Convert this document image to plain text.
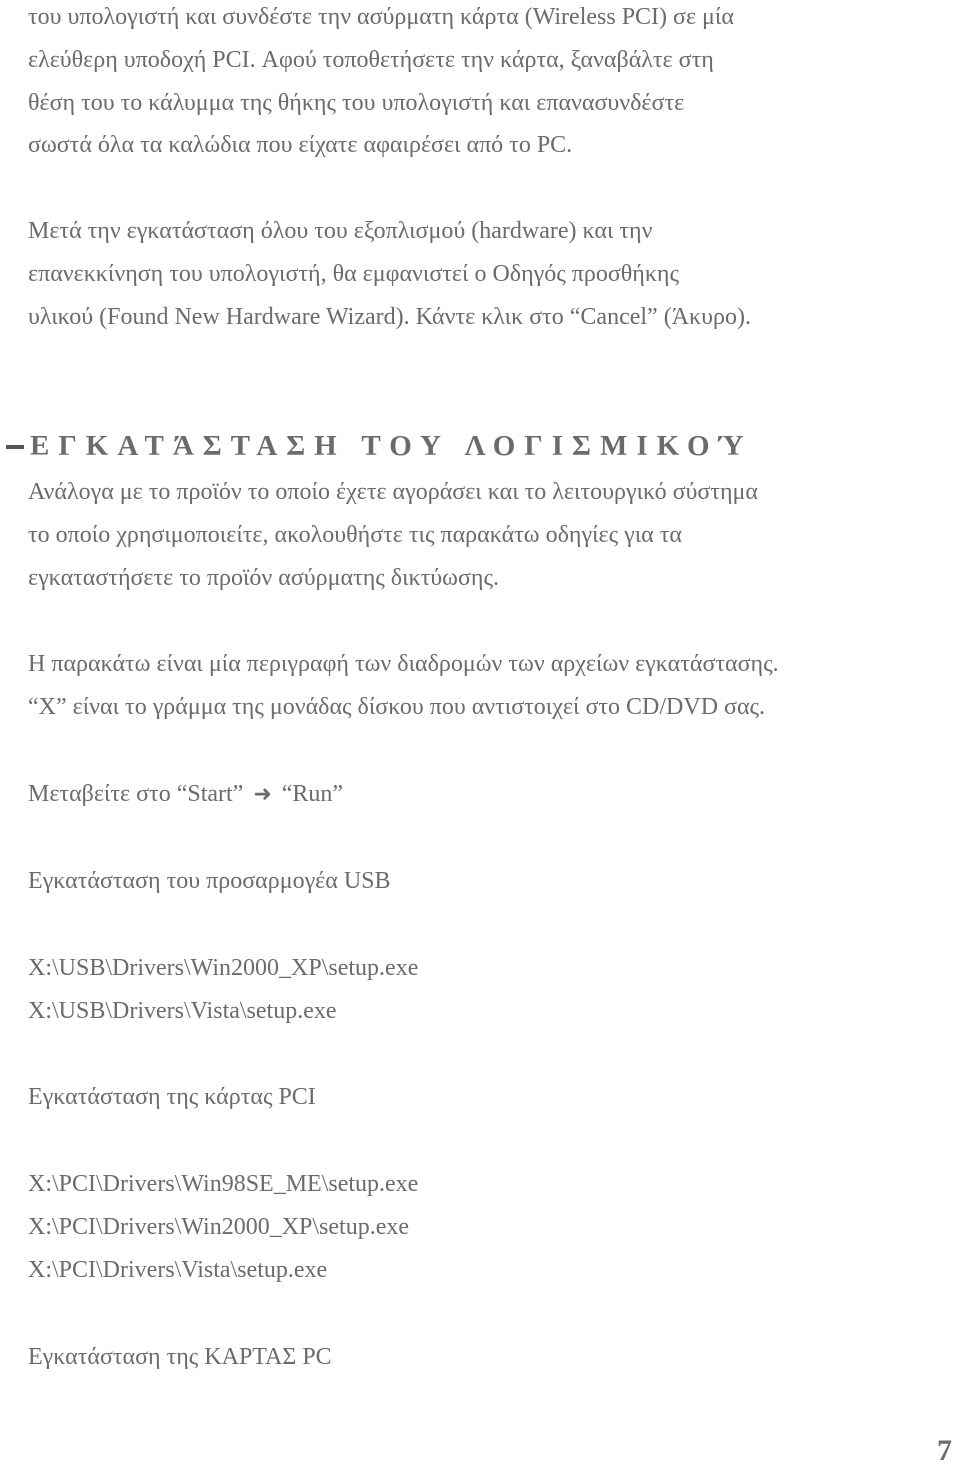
του υπολογιστή και συνδέστε την ασύρματη κάρτα (Wireless PCI) σε μία
ελεύθερη υποδοχή PCI. Αφού τοποθετήσετε την κάρτα, ξαναβάλτε στη
θέση του το κάλυμμα της θήκης του υπολογιστή και επανασυνδέστε
σωστά όλα τα καλώδια που είχατε αφαιρέσει από το PC.
Μετά την εγκατάσταση όλου του εξοπλισμού (hardware) και την
επανεκκίνηση του υπολογιστή, θα εμφανιστεί ο Οδηγός προσθήκης
υλικού (Found New Hardware Wizard). Κάντε κλικ στο “Cancel” (Άκυρο).
ΕΓΚΑΤΆΣΤΑΣΗ ΤΟΥ ΛΟΓΙΣΜΙΚΟΎ
Ανάλογα με το προϊόν το οποίο έχετε αγοράσει και το λειτουργικό σύστημα
το οποίο χρησιμοποιείτε, ακολουθήστε τις παρακάτω οδηγίες για τα
εγκαταστήσετε το προϊόν ασύρματης δικτύωσης.
Η παρακάτω είναι μία περιγραφή των διαδρομών των αρχείων εγκατάστασης.
“X” είναι το γράμμα της μονάδας δίσκου που αντιστοιχεί στο CD/DVD σας.
Μεταβείτε στο “Start” ➜ “Run”
Εγκατάσταση του προσαρμογέα USB
X:\USB\Drivers\Win2000_XP\setup.exe
X:\USB\Drivers\Vista\setup.exe
Εγκατάσταση της κάρτας PCI
X:\PCI\Drivers\Win98SE_ME\setup.exe
X:\PCI\Drivers\Win2000_XP\setup.exe
X:\PCI\Drivers\Vista\setup.exe
Εγκατάσταση της ΚΑΡΤΑΣ PC
7
